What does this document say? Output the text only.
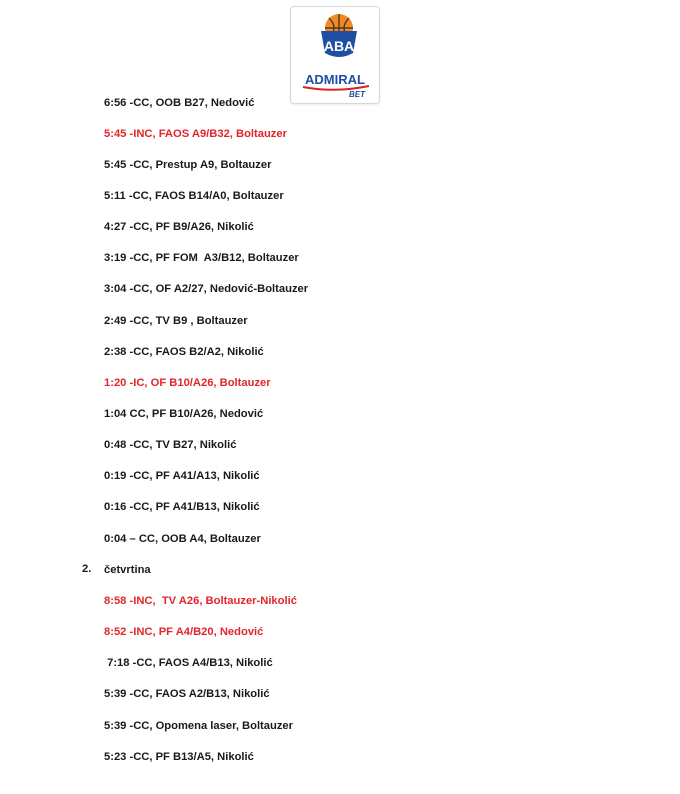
ABA
ADMIRAL
BET
6:56 -CC, OOB B27, Nedović
5:45 -INC, FAOS A9/B32, Boltauzer
5:45 -CC, Prestup A9, Boltauzer
5:11 -CC, FAOS B14/A0, Boltauzer
4:27 -CC, PF B9/A26, Nikolić
3:19 -CC, PF FOM  A3/B12, Boltauzer
3:04 -CC, OF A2/27, Nedović-Boltauzer
2:49 -CC, TV B9 , Boltauzer
2:38 -CC, FAOS B2/A2, Nikolić
1:20 -IC, OF B10/A26, Boltauzer
1:04 CC, PF B10/A26, Nedović
0:48 -CC, TV B27, Nikolić
0:19 -CC, PF A41/A13, Nikolić
0:16 -CC, PF A41/B13, Nikolić
0:04 – CC, OOB A4, Boltauzer
2. četvrtina
8:58 -INC,  TV A26, Boltauzer-Nikolić
8:52 -INC, PF A4/B20, Nedović
7:18 -CC, FAOS A4/B13, Nikolić
5:39 -CC, FAOS A2/B13, Nikolić
5:39 -CC, Opomena laser, Boltauzer
5:23 -CC, PF B13/A5, Nikolić
